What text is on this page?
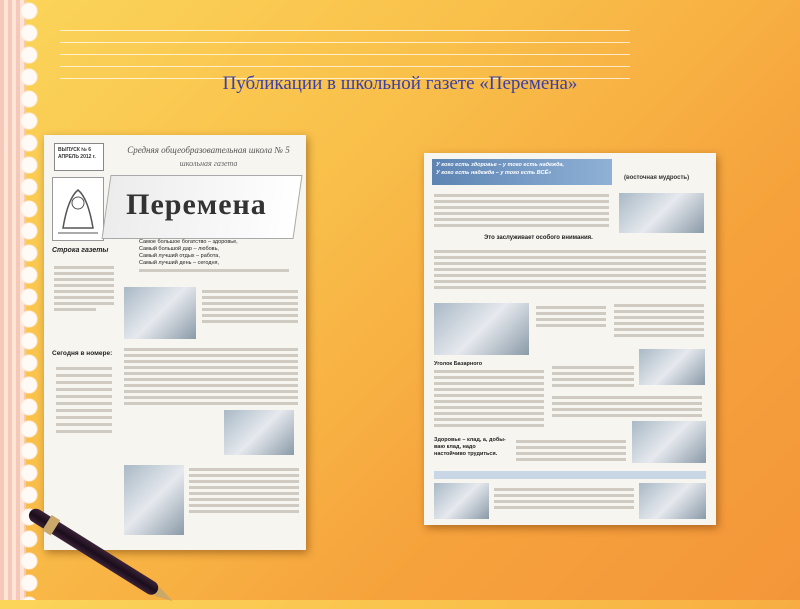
Публикации в школьной газете «Перемена»
ВЫПУСК № 6
АПРЕЛЬ 2012 г.
Средняя общеобразовательная школа № 5
школьная газета
Перемена
Самое большое богатство – здоровье,
Самый большой дар – любовь,
Самый лучший отдых – работа,
Самый лучший день – сегодня,
Строка газеты
Сегодня в номере:
У кого есть здоровье – у того есть надежда,
У кого есть надежда – у того есть ВСЁ»
(восточная мудрость)
Это заслуживает особого внимания.
Уголок Базарного
Здоровье – клад, а, добы-ваю клад, надо настойчиво трудиться.
